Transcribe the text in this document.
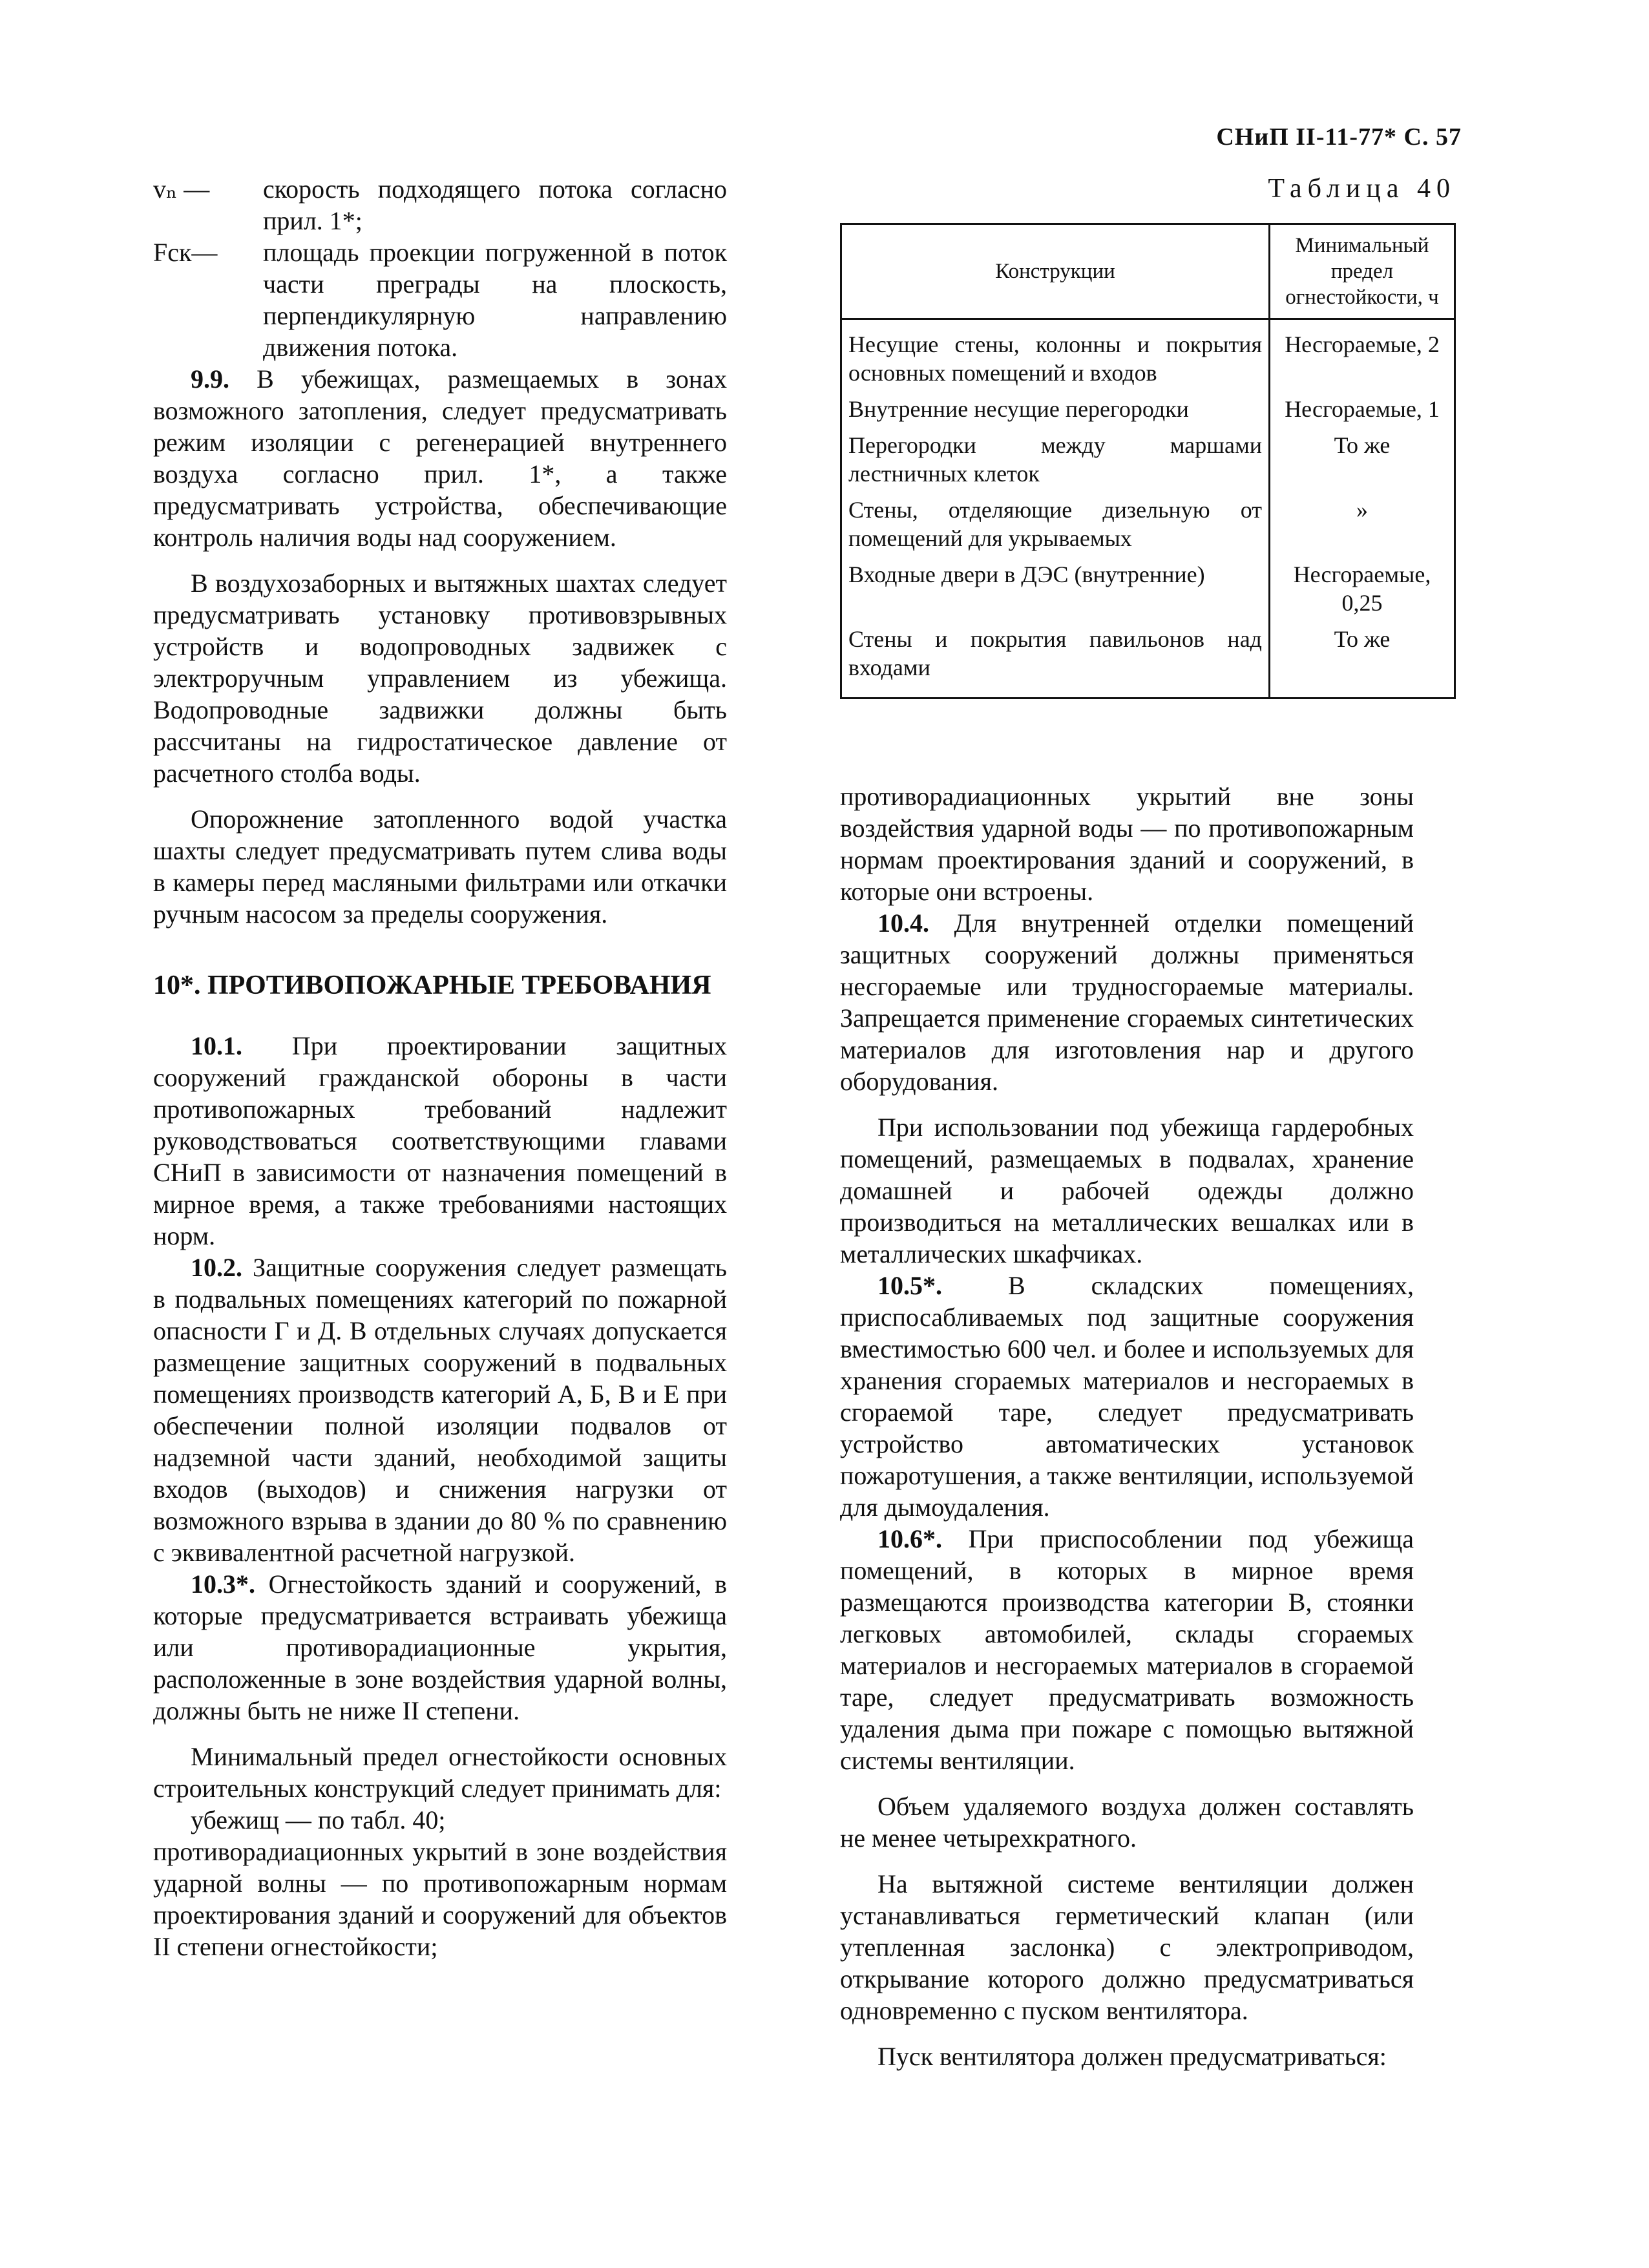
СНиП II-11-77* С. 57
vₙ —	скорость подходящего потока согласно прил. 1*;
Fск—	площадь проекции погруженной в поток части преграды на плоскость, перпендикулярную направлению движения потока.

9.9. В убежищах, размещаемых в зонах возможного затопления, следует предусматривать режим изоляции с регенерацией внутреннего воздуха согласно прил. 1*, а также предусматривать устройства, обеспечивающие контроль наличия воды над сооружением.

В воздухозаборных и вытяжных шахтах следует предусматривать установку противовзрывных устройств и водопроводных задвижек с электроручным управлением из убежища. Водопроводные задвижки должны быть рассчитаны на гидростатическое давление от расчетного столба воды.

Опорожнение затопленного водой участка шахты следует предусматривать путем слива воды в камеры перед масляными фильтрами или откачки ручным насосом за пределы сооружения.

10*. ПРОТИВОПОЖАРНЫЕ ТРЕБОВАНИЯ

10.1. При проектировании защитных сооружений гражданской обороны в части противопожарных требований надлежит руководствоваться соответствующими главами СНиП в зависимости от назначения помещений в мирное время, а также требованиями настоящих норм.

10.2. Защитные сооружения следует размещать в подвальных помещениях категорий по пожарной опасности Г и Д. В отдельных случаях допускается размещение защитных сооружений в подвальных помещениях производств категорий А, Б, В и Е при обеспечении полной изоляции подвалов от надземной части зданий, необходимой защиты входов (выходов) и снижения нагрузки от возможного взрыва в здании до 80 % по сравнению с эквивалентной расчетной нагрузкой.

10.3*. Огнестойкость зданий и сооружений, в которые предусматривается встраивать убежища или противорадиационные укрытия, расположенные в зоне воздействия ударной волны, должны быть не ниже II степени.

Минимальный предел огнестойкости основных строительных конструкций следует принимать для:

убежищ — по табл. 40;

противорадиационных укрытий в зоне воздействия ударной волны — по противопожарным нормам проектирования зданий и сооружений для объектов II степени огнестойкости;

Таблица 40
Конструкции	Минимальный предел огнестойкости, ч
Несущие стены, колонны и покрытия основных помещений и входов	Несгораемые, 2
Внутренние несущие перегородки	Несгораемые, 1
Перегородки между маршами лестничных клеток	То же
Стены, отделяющие дизельную от помещений для укрываемых	»
Входные двери в ДЭС (внутренние)	Несгораемые, 0,25
Стены и покрытия павильонов над входами	То же

противорадиационных укрытий вне зоны воздействия ударной воды — по противопожарным нормам проектирования зданий и сооружений, в которые они встроены.

10.4. Для внутренней отделки помещений защитных сооружений должны применяться несгораемые или трудносгораемые материалы. Запрещается применение сгораемых синтетических материалов для изготовления нар и другого оборудования.

При использовании под убежища гардеробных помещений, размещаемых в подвалах, хранение домашней и рабочей одежды должно производиться на металлических вешалках или в металлических шкафчиках.

10.5*. В складских помещениях, приспосабливаемых под защитные сооружения вместимостью 600 чел. и более и используемых для хранения сгораемых материалов и несгораемых в сгораемой таре, следует предусматривать устройство автоматических установок пожаротушения, а также вентиляции, используемой для дымоудаления.

10.6*. При приспособлении под убежища помещений, в которых в мирное время размещаются производства категории В, стоянки легковых автомобилей, склады сгораемых материалов и несгораемых материалов в сгораемой таре, следует предусматривать возможность удаления дыма при пожаре с помощью вытяжной системы вентиляции.

Объем удаляемого воздуха должен составлять не менее четырехкратного.

На вытяжной системе вентиляции должен устанавливаться герметический клапан (или утепленная заслонка) с электроприводом, открывание которого должно предусматриваться одновременно с пуском вентилятора.

Пуск вентилятора должен предусматриваться:
